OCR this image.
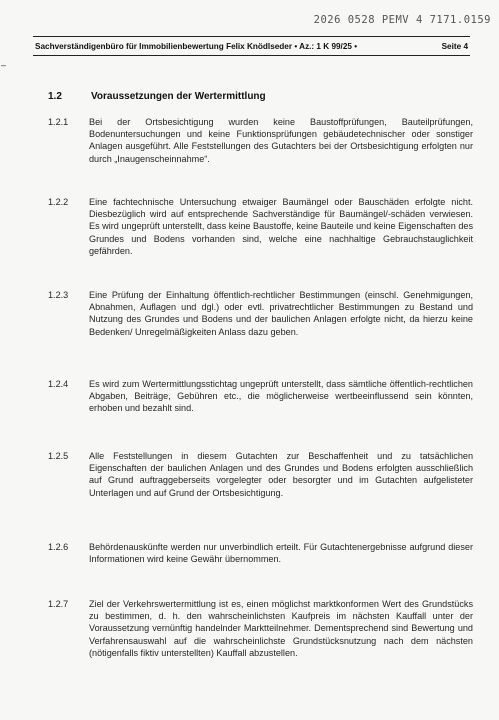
2026 0528 PEMV 4 7171.0159
Sachverständigenbüro für Immobilienbewertung Felix Knödlseder • Az.: 1 K 99/25 •	Seite 4
–
1.2	Voraussetzungen der Wertermittlung
1.2.1	Bei der Ortsbesichtigung wurden keine Baustoffprüfungen, Bauteilprüfungen, Bodenuntersuchungen und keine Funktionsprüfungen gebäudetechnischer oder sonstiger Anlagen ausgeführt. Alle Feststellungen des Gutachters bei der Ortsbesichtigung erfolgten nur durch „Inaugenscheinnahme“.
1.2.2	Eine fachtechnische Untersuchung etwaiger Baumängel oder Bauschäden erfolgte nicht. Diesbezüglich wird auf entsprechende Sachverständige für Baumängel/-schäden verwiesen. Es wird ungeprüft unterstellt, dass keine Baustoffe, keine Bauteile und keine Eigenschaften des Grundes und Bodens vorhanden sind, welche eine nachhaltige Gebrauchstauglichkeit gefährden.
1.2.3	Eine Prüfung der Einhaltung öffentlich-rechtlicher Bestimmungen (einschl. Genehmigungen, Abnahmen, Auflagen und dgl.) oder evtl. privatrechtlicher Bestimmungen zu Bestand und Nutzung des Grundes und Bodens und der baulichen Anlagen erfolgte nicht, da hierzu keine Bedenken/ Unregelmäßigkeiten Anlass dazu geben.
1.2.4	Es wird zum Wertermittlungsstichtag ungeprüft unterstellt, dass sämtliche öffentlich-rechtlichen Abgaben, Beiträge, Gebühren etc., die möglicherweise wertbeeinflussend sein könnten, erhoben und bezahlt sind.
1.2.5	Alle Feststellungen in diesem Gutachten zur Beschaffenheit und zu tatsächlichen Eigenschaften der baulichen Anlagen und des Grundes und Bodens erfolgten ausschließlich auf Grund auftraggeberseits vorgelegter oder besorgter und im Gutachten aufgelisteter Unterlagen und auf Grund der Ortsbesichtigung.
1.2.6	Behördenauskünfte werden nur unverbindlich erteilt. Für Gutachtenergebnisse aufgrund dieser Informationen wird keine Gewähr übernommen.
1.2.7	Ziel der Verkehrswertermittlung ist es, einen möglichst marktkonformen Wert des Grundstücks zu bestimmen, d. h. den wahrscheinlichsten Kaufpreis im nächsten Kauffall unter der Voraussetzung vernünftig handelnder Marktteilnehmer. Dementsprechend sind Bewertung und Verfahrensauswahl auf die wahrscheinlichste Grundstücksnutzung nach dem nächsten (nötigenfalls fiktiv unterstellten) Kauffall abzustellen.
